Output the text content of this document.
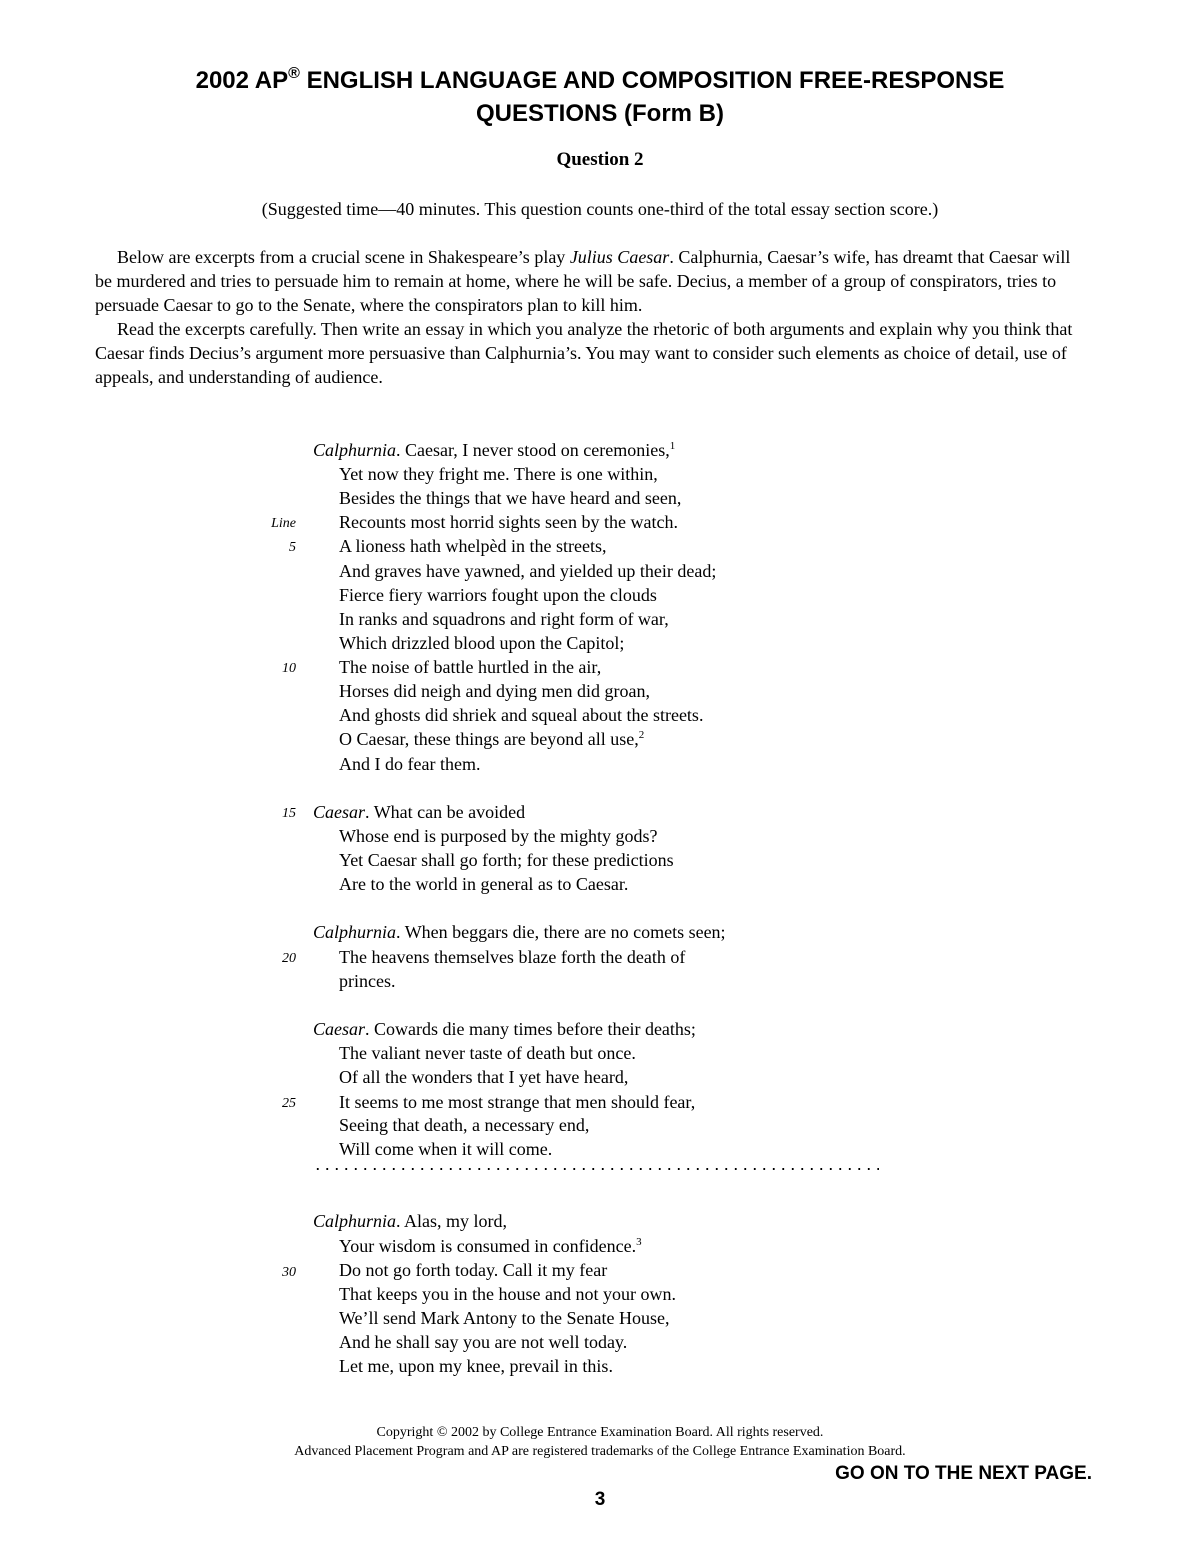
2002 AP® ENGLISH LANGUAGE AND COMPOSITION FREE-RESPONSE
QUESTIONS (Form B)
Question 2
(Suggested time—40 minutes. This question counts one-third of the total essay section score.)

Below are excerpts from a crucial scene in Shakespeare’s play Julius Caesar. Calphurnia, Caesar’s wife, has dreamt that Caesar will be murdered and tries to persuade him to remain at home, where he will be safe. Decius, a member of a group of conspirators, tries to persuade Caesar to go to the Senate, where the conspirators plan to kill him.

Read the excerpts carefully. Then write an essay in which you analyze the rhetoric of both arguments and explain why you think that Caesar finds Decius’s argument more persuasive than Calphurnia’s. You may want to consider such elements as choice of detail, use of appeals, and understanding of audience.

Line
5
10
15
20
25
30
Calphurnia. Caesar, I never stood on ceremonies,$^1$
Yet now they fright me. There is one within,
Besides the things that we have heard and seen,
Recounts most horrid sights seen by the watch.
A lioness hath whelpèd in the streets,
And graves have yawned, and yielded up their dead;
Fierce fiery warriors fought upon the clouds
In ranks and squadrons and right form of war,
Which drizzled blood upon the Capitol;
The noise of battle hurtled in the air,
Horses did neigh and dying men did groan,
And ghosts did shriek and squeal about the streets.
O Caesar, these things are beyond all use,$^2$
And I do fear them.
Caesar. What can be avoided
Whose end is purposed by the mighty gods?
Yet Caesar shall go forth; for these predictions
Are to the world in general as to Caesar.
Calphurnia. When beggars die, there are no comets seen;
The heavens themselves blaze forth the death of
princes.
Caesar. Cowards die many times before their deaths;
The valiant never taste of death but once.
Of all the wonders that I yet have heard,
It seems to me most strange that men should fear,
Seeing that death, a necessary end,
Will come when it will come.
Calphurnia. Alas, my lord,
Your wisdom is consumed in confidence.$^3$
Do not go forth today. Call it my fear
That keeps you in the house and not your own.
We’ll send Mark Antony to the Senate House,
And he shall say you are not well today.
Let me, upon my knee, prevail in this.
Copyright © 2002 by College Entrance Examination Board. All rights reserved.
Advanced Placement Program and AP are registered trademarks of the College Entrance Examination Board.
GO ON TO THE NEXT PAGE.
3
